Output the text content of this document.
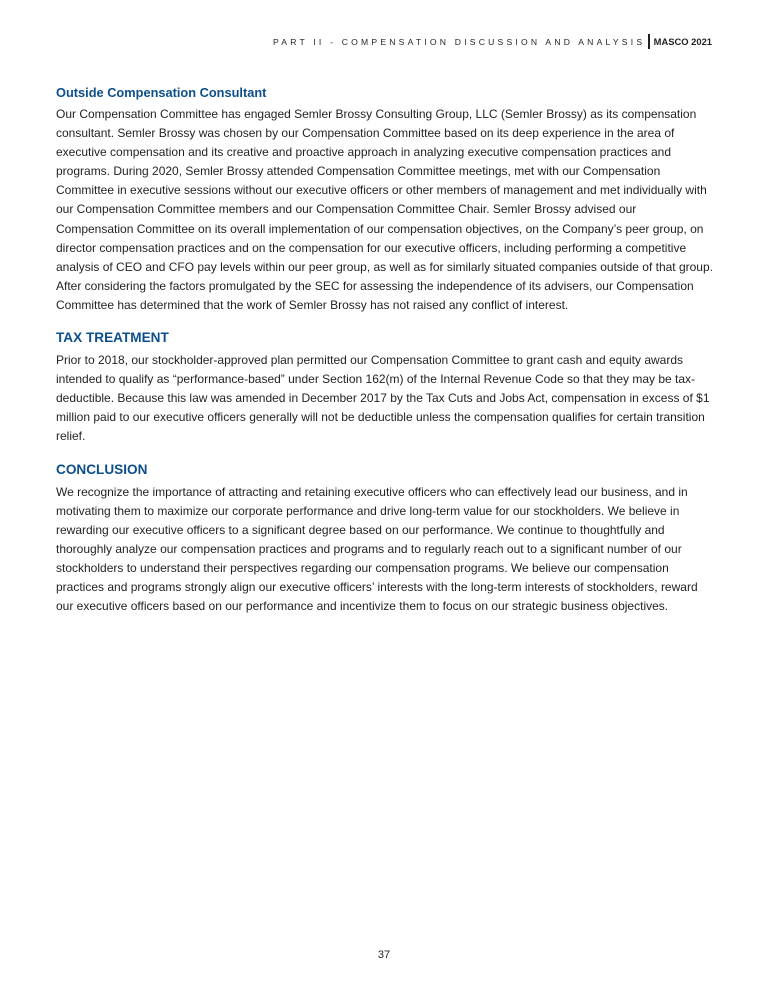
PART II - COMPENSATION DISCUSSION AND ANALYSIS MASCO 2021
Outside Compensation Consultant

Our Compensation Committee has engaged Semler Brossy Consulting Group, LLC (Semler Brossy) as its compensation consultant. Semler Brossy was chosen by our Compensation Committee based on its deep experience in the area of executive compensation and its creative and proactive approach in analyzing executive compensation practices and programs. During 2020, Semler Brossy attended Compensation Committee meetings, met with our Compensation Committee in executive sessions without our executive officers or other members of management and met individually with our Compensation Committee members and our Compensation Committee Chair. Semler Brossy advised our Compensation Committee on its overall implementation of our compensation objectives, on the Company’s peer group, on director compensation practices and on the compensation for our executive officers, including performing a competitive analysis of CEO and CFO pay levels within our peer group, as well as for similarly situated companies outside of that group. After considering the factors promulgated by the SEC for assessing the independence of its advisers, our Compensation Committee has determined that the work of Semler Brossy has not raised any conflict of interest.

TAX TREATMENT

Prior to 2018, our stockholder-approved plan permitted our Compensation Committee to grant cash and equity awards intended to qualify as “performance-based” under Section 162(m) of the Internal Revenue Code so that they may be tax-deductible. Because this law was amended in December 2017 by the Tax Cuts and Jobs Act, compensation in excess of $1 million paid to our executive officers generally will not be deductible unless the compensation qualifies for certain transition relief.

CONCLUSION

We recognize the importance of attracting and retaining executive officers who can effectively lead our business, and in motivating them to maximize our corporate performance and drive long-term value for our stockholders. We believe in rewarding our executive officers to a significant degree based on our performance. We continue to thoughtfully and thoroughly analyze our compensation practices and programs and to regularly reach out to a significant number of our stockholders to understand their perspectives regarding our compensation programs. We believe our compensation practices and programs strongly align our executive officers’ interests with the long-term interests of stockholders, reward our executive officers based on our performance and incentivize them to focus on our strategic business objectives.

37
